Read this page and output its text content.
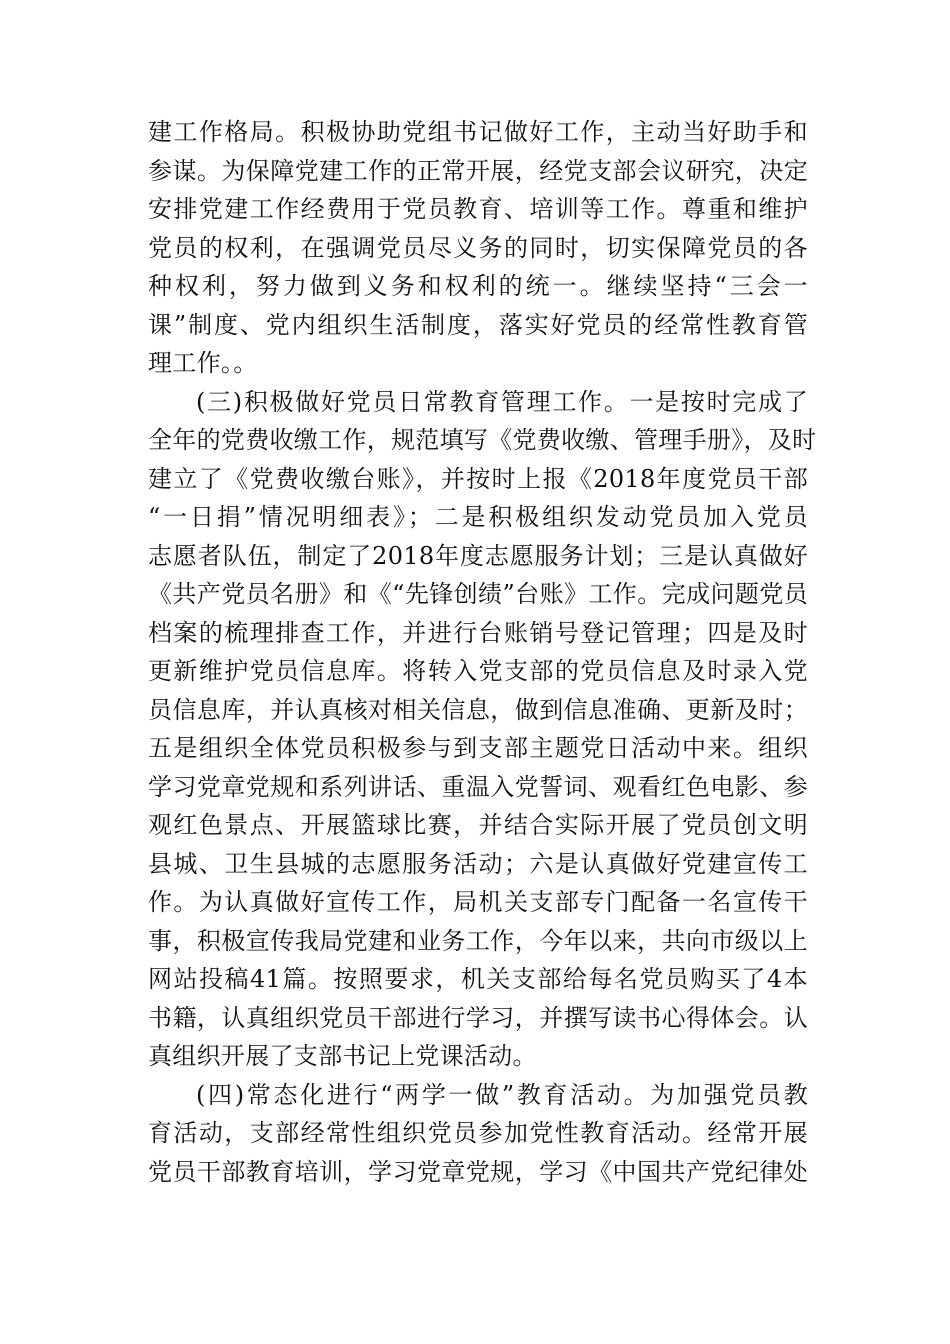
建工作格局。积极协助党组书记做好工作，主动当好助手和
参谋。为保障党建工作的正常开展，经党支部会议研究，决定
安排党建工作经费用于党员教育、培训等工作。尊重和维护
党员的权利，在强调党员尽义务的同时，切实保障党员的各
种权利，努力做到义务和权利的统一。继续坚持“三会一
课”制度、党内组织生活制度，落实好党员的经常性教育管
理工作。。
(三)积极做好党员日常教育管理工作。一是按时完成了
全年的党费收缴工作，规范填写《党费收缴、管理手册》，及时
建立了《党费收缴台账》，并按时上报《2018年度党员干部
“一日捐”情况明细表》；二是积极组织发动党员加入党员
志愿者队伍，制定了2018年度志愿服务计划；三是认真做好
《共产党员名册》和《“先锋创绩”台账》工作。完成问题党员
档案的梳理排查工作，并进行台账销号登记管理；四是及时
更新维护党员信息库。将转入党支部的党员信息及时录入党
员信息库，并认真核对相关信息，做到信息准确、更新及时；
五是组织全体党员积极参与到支部主题党日活动中来。组织
学习党章党规和系列讲话、重温入党誓词、观看红色电影、参
观红色景点、开展篮球比赛，并结合实际开展了党员创文明
县城、卫生县城的志愿服务活动；六是认真做好党建宣传工
作。为认真做好宣传工作，局机关支部专门配备一名宣传干
事，积极宣传我局党建和业务工作，今年以来，共向市级以上
网站投稿41篇。按照要求，机关支部给每名党员购买了4本
书籍，认真组织党员干部进行学习，并撰写读书心得体会。认
真组织开展了支部书记上党课活动。
(四)常态化进行“两学一做”教育活动。为加强党员教
育活动，支部经常性组织党员参加党性教育活动。经常开展
党员干部教育培训，学习党章党规，学习《中国共产党纪律处
